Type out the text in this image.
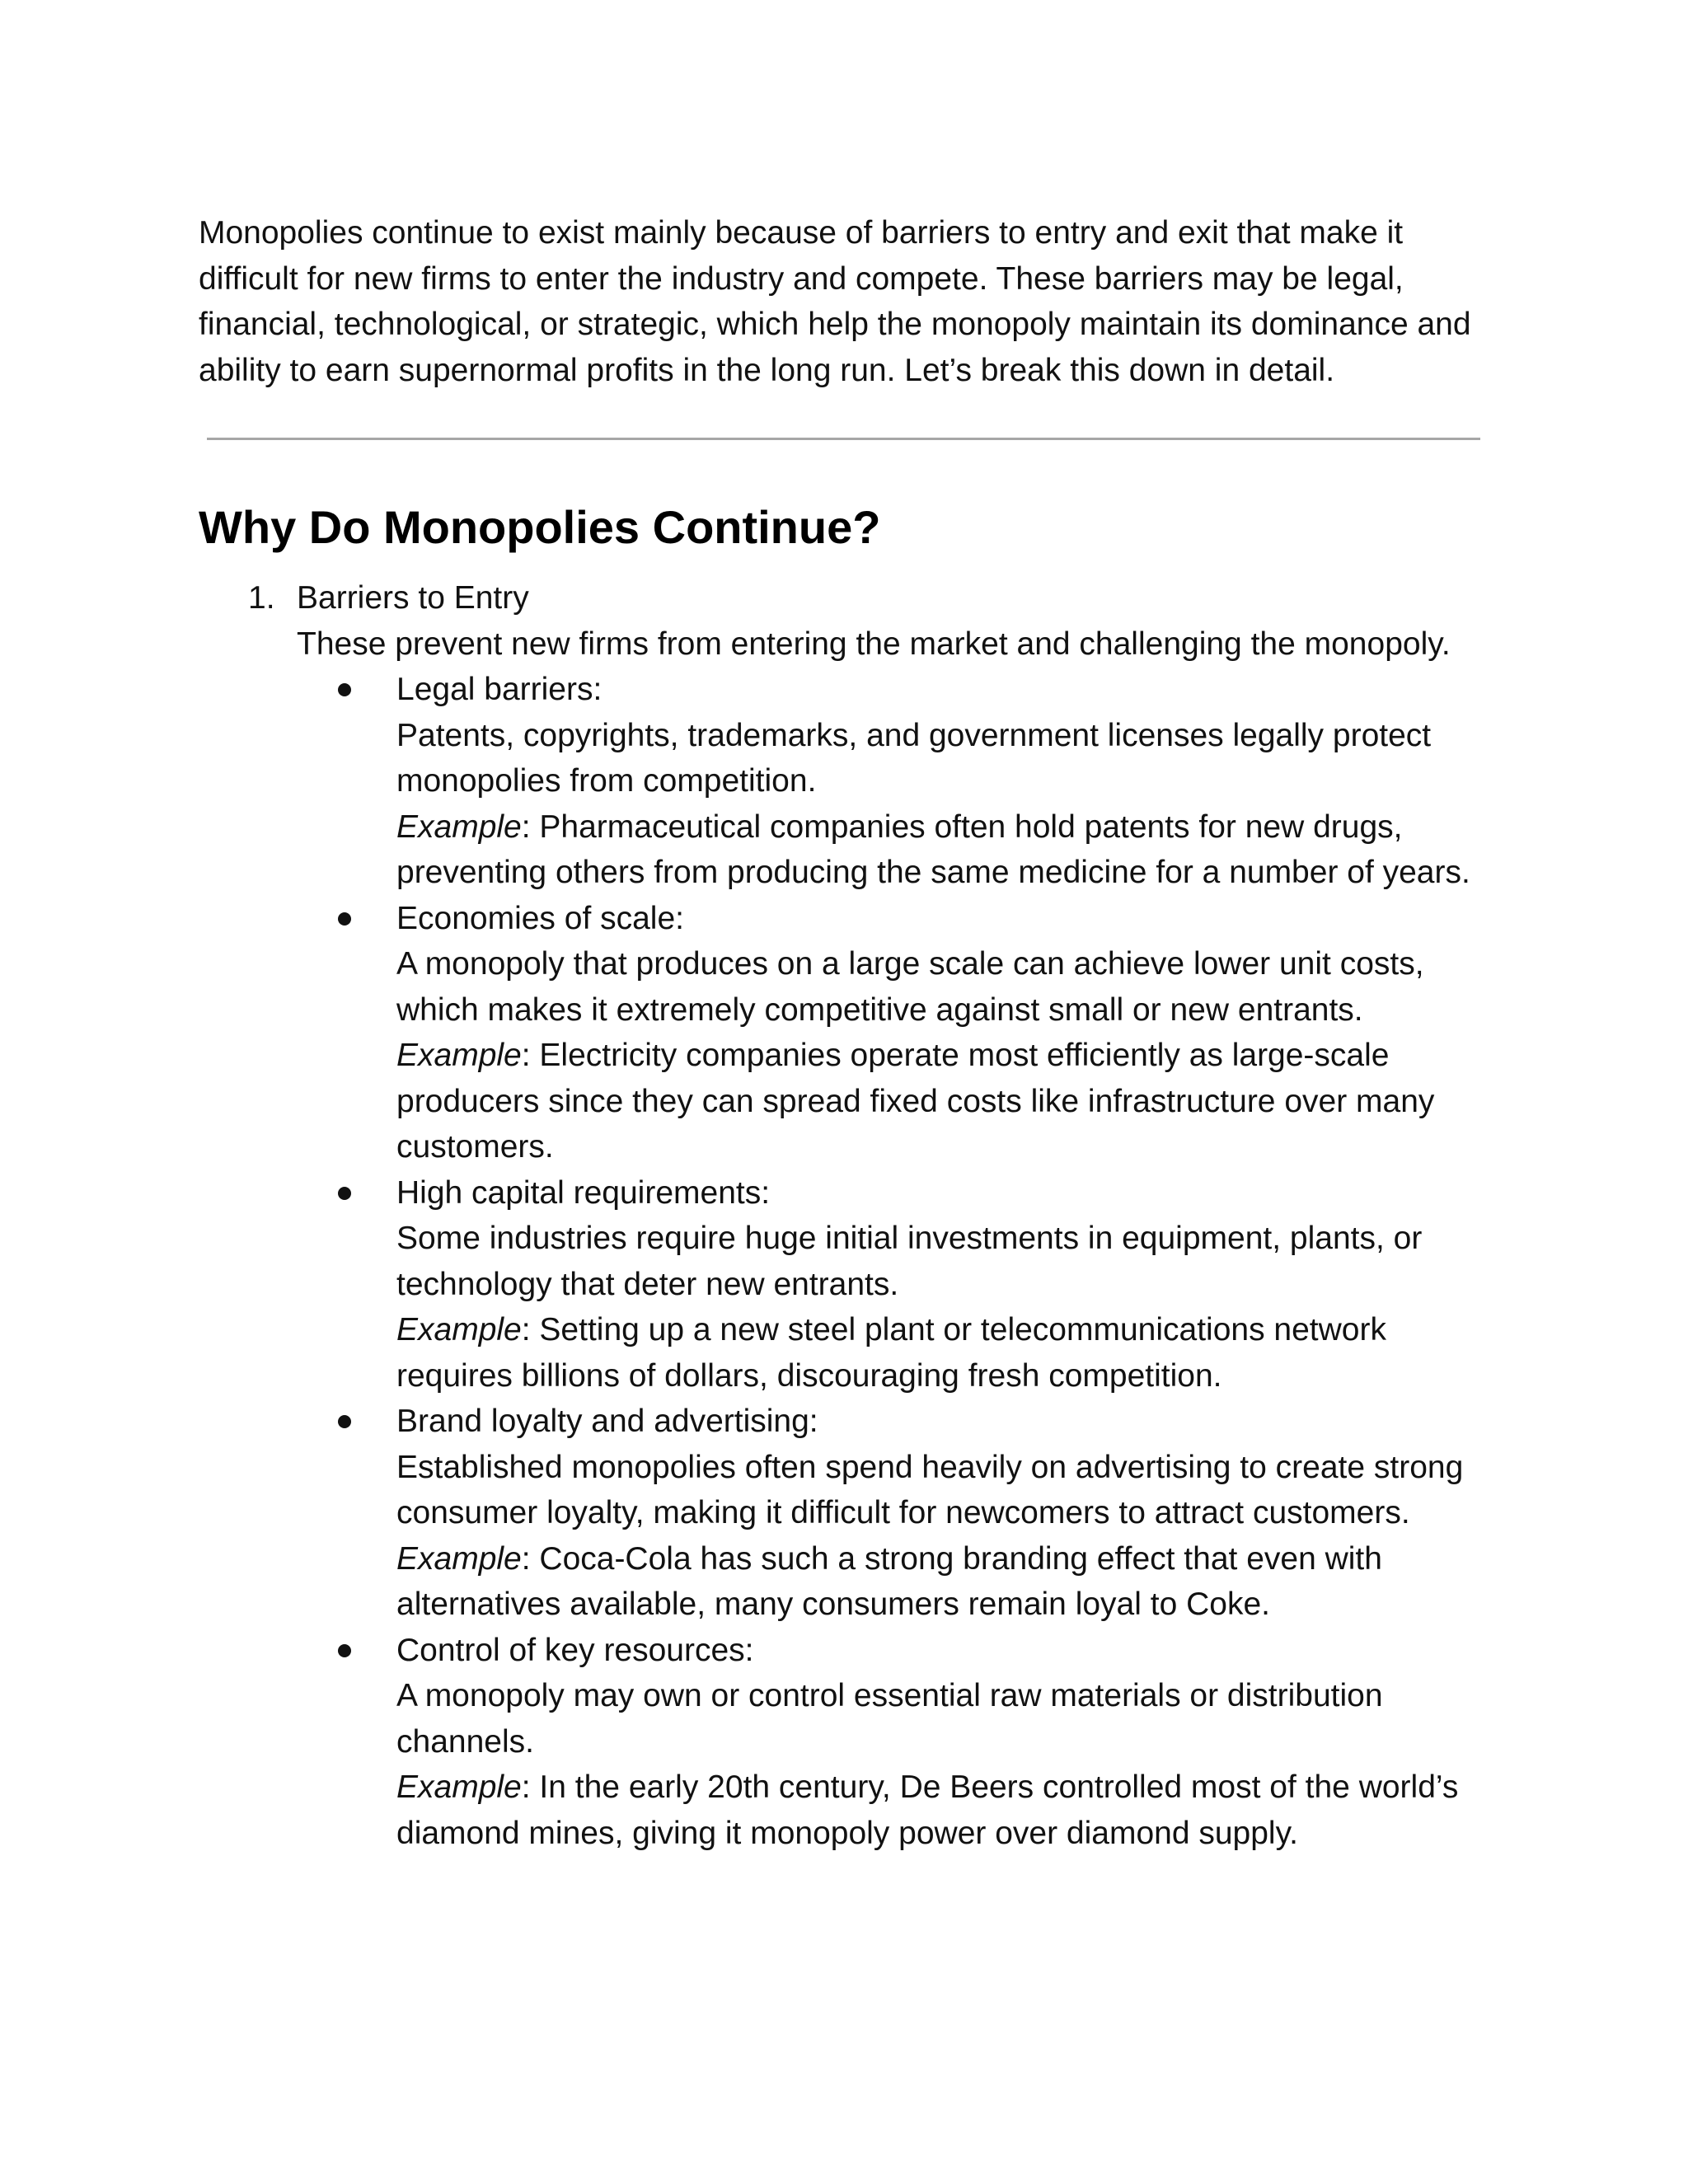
Monopolies continue to exist mainly because of barriers to entry and exit that make it difficult for new firms to enter the industry and compete. These barriers may be legal, financial, technological, or strategic, which help the monopoly maintain its dominance and ability to earn supernormal profits in the long run. Let’s break this down in detail.

Why Do Monopolies Continue?
1. Barriers to Entry
These prevent new firms from entering the market and challenging the monopoly.
Legal barriers:
Patents, copyrights, trademarks, and government licenses legally protect monopolies from competition.
Example: Pharmaceutical companies often hold patents for new drugs, preventing others from producing the same medicine for a number of years.
Economies of scale:
A monopoly that produces on a large scale can achieve lower unit costs, which makes it extremely competitive against small or new entrants.
Example: Electricity companies operate most efficiently as large-scale producers since they can spread fixed costs like infrastructure over many customers.
High capital requirements:
Some industries require huge initial investments in equipment, plants, or technology that deter new entrants.
Example: Setting up a new steel plant or telecommunications network requires billions of dollars, discouraging fresh competition.
Brand loyalty and advertising:
Established monopolies often spend heavily on advertising to create strong consumer loyalty, making it difficult for newcomers to attract customers.
Example: Coca-Cola has such a strong branding effect that even with alternatives available, many consumers remain loyal to Coke.
Control of key resources:
A monopoly may own or control essential raw materials or distribution channels.
Example: In the early 20th century, De Beers controlled most of the world’s diamond mines, giving it monopoly power over diamond supply.
